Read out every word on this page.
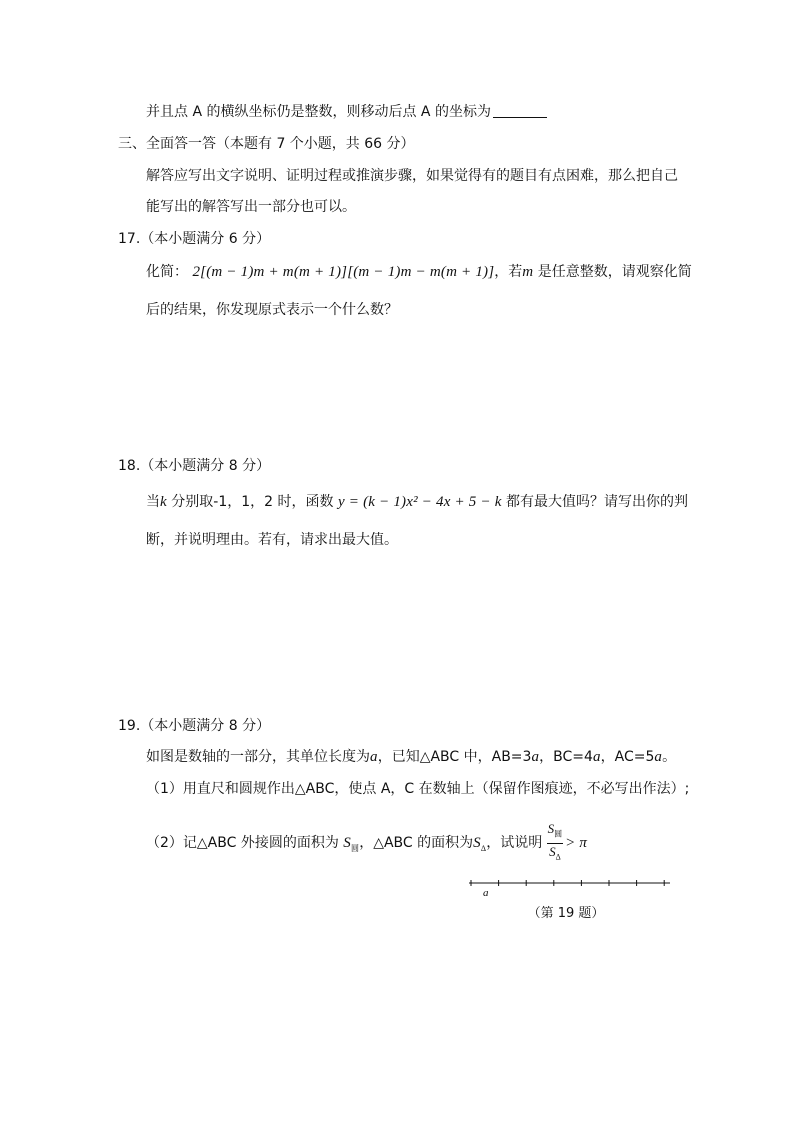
并且点 A 的横纵坐标仍是整数，则移动后点 A 的坐标为
三、全面答一答（本题有 7 个小题，共 66 分）
解答应写出文字说明、证明过程或推演步骤，如果觉得有的题目有点困难，那么把自己
能写出的解答写出一部分也可以。
17.（本小题满分 6 分）
化简： 2[(m − 1)m + m(m + 1)][(m − 1)m − m(m + 1)]，若m 是任意整数，请观察化简
后的结果，你发现原式表示一个什么数？
18.（本小题满分 8 分）
当k 分别取-1，1，2 时，函数 y = (k − 1)x² − 4x + 5 − k 都有最大值吗？请写出你的判
断，并说明理由。若有，请求出最大值。
19.（本小题满分 8 分）
如图是数轴的一部分，其单位长度为a，已知△ABC 中，AB=3a，BC=4a，AC=5a。
（1）用直尺和圆规作出△ABC，使点 A，C 在数轴上（保留作图痕迹，不必写出作法）;
（2）记△ABC 外接圆的面积为 $S_圆$，△ABC 的面积为$S_\Delta$，试说明 $\frac{S_圆}{S_\Delta} > \pi$
a
（第 19 题）
